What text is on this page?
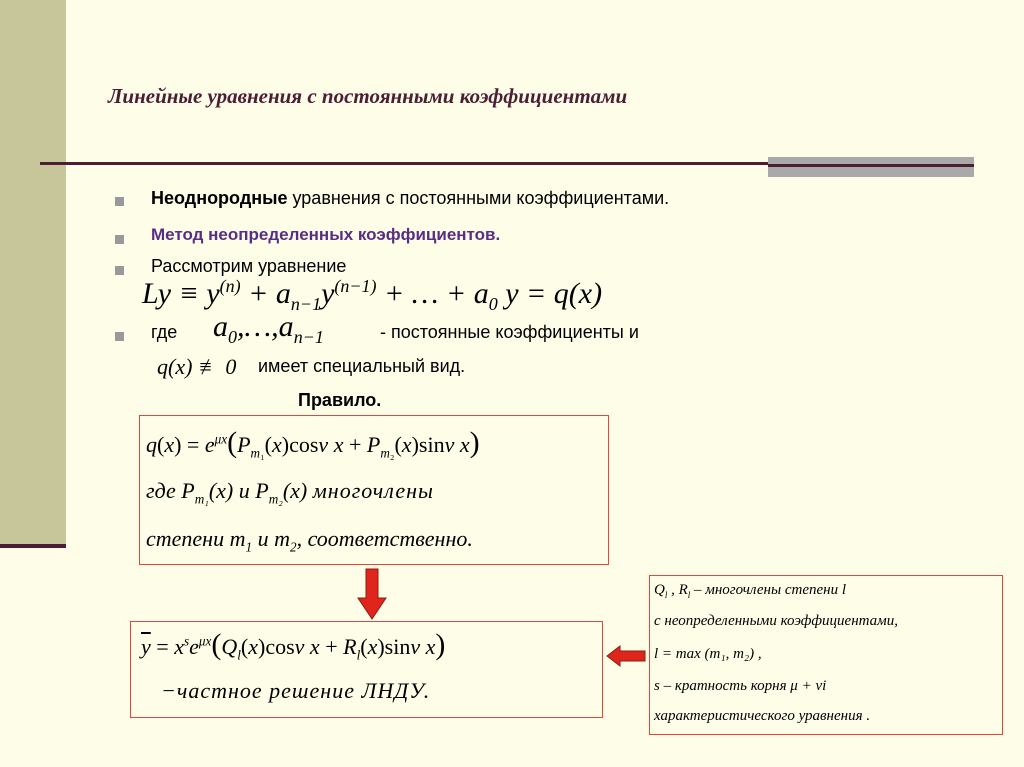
Линейные уравнения с постоянными коэффициентами
Неоднородные уравнения с постоянными коэффициентами.
Метод неопределенных коэффициентов.
Рассмотрим уравнение
$Ly \equiv y^{(n)} + a_{n-1}y^{(n-1)}$ + … + $a_0$ y = q(x)
где $a_0,\dots,a_{n-1}$	- постоянные коэффициенты и
q(x) ≢ 0 имеет специальный вид.
Правило.
$q(x) = e^{\mu x}(P_{m_1}(x)\cos\nu$ $x + P_{m_2}(x)\sin\nu$ x)
где $P_{m_1}(x)$ и $P_{m_2}(x)$ многочлены
степени $m_1$ и $m_2$, соответственно.
$\overline{y} = x^se^{\mu x}(Q_l(x)\cos\nu$ $x + R_l(x)\sin\nu$ x)
−частное решение ЛНДУ.
$Q_l$ , $R_l$ – многочлены степени l
с неопределенными коэффициентами,
l = max (m₁, m₂) ,
s – кратность корня μ + νi
характеристического уравнения .
